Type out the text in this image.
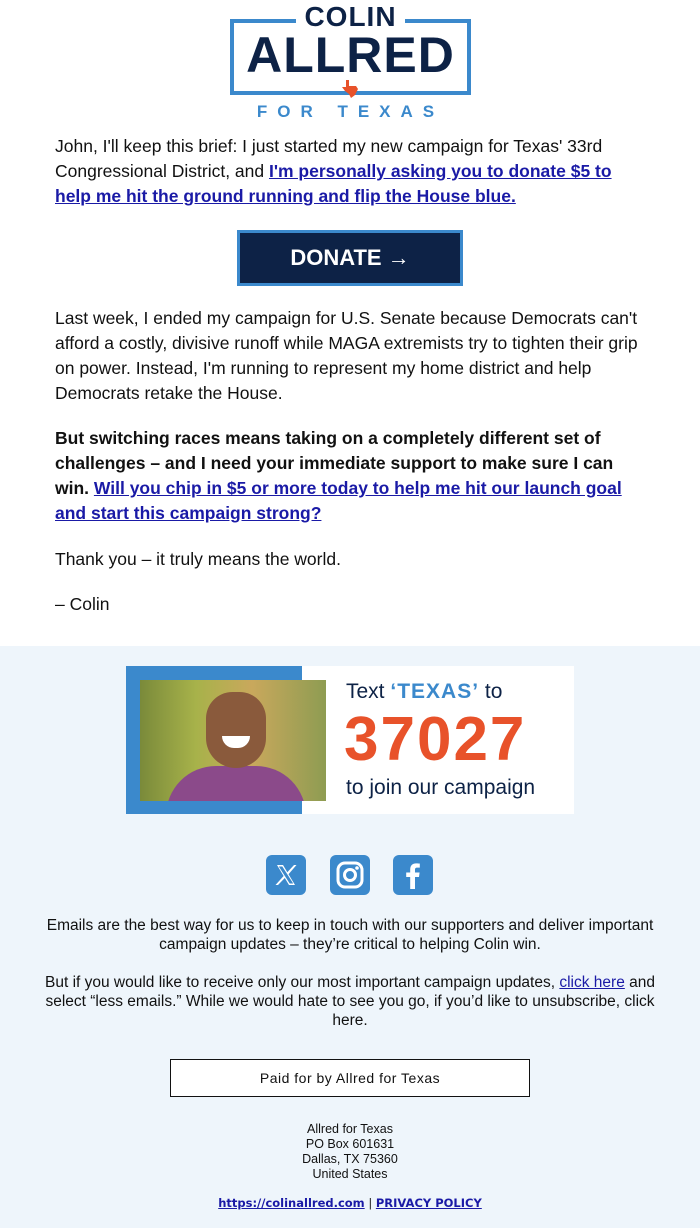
COLIN
ALLRED
FOR TEXAS

John, I'll keep this brief: I just started my new campaign for Texas' 33rd Congressional District, and I'm personally asking you to donate $5 to help me hit the ground running and flip the House blue.

DONATE →

Last week, I ended my campaign for U.S. Senate because Democrats can't afford a costly, divisive runoff while MAGA extremists try to tighten their grip on power. Instead, I'm running to represent my home district and help Democrats retake the House.

But switching races means taking on a completely different set of challenges – and I need your immediate support to make sure I can win. Will you chip in $5 or more today to help me hit our launch goal and start this campaign strong?

Thank you – it truly means the world.
– Colin
Text ‘TEXAS’ to
37027
to join our campaign
Emails are the best way for us to keep in touch with our supporters and deliver important campaign updates – they’re critical to helping Colin win.
But if you would like to receive only our most important campaign updates, click here and select “less emails.” While we would hate to see you go, if you’d like to unsubscribe, click here.
Paid for by Allred for Texas
Allred for Texas
PO Box 601631
Dallas, TX 75360
United States
https://colinallred.com | PRIVACY POLICY
